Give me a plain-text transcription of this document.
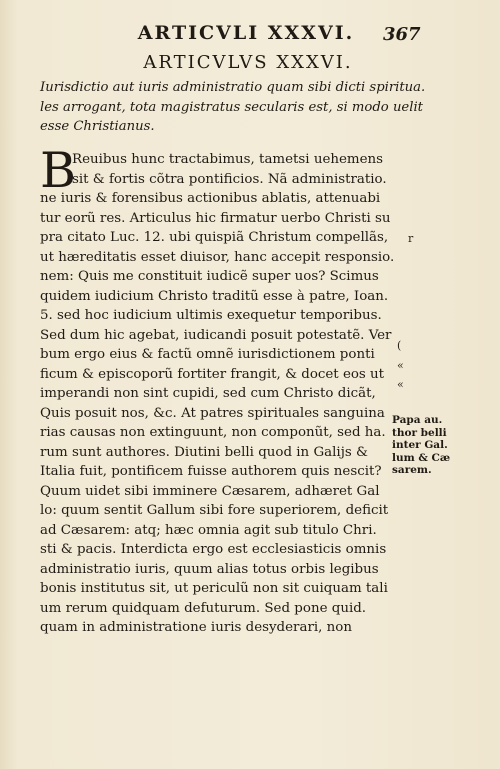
ARTICVLI XXXVI.	367
ARTICVLVS XXXVI.
Iurisdictio aut iuris administratio quam sibi dicti spiritua.
les arrogant, tota magistratus secularis est, si modo uelit
esse Christianus.
B
Reuibus hunc tractabimus, tametsi uehemens
sit & fortis cõtra pontificios. Nã administratio.
ne iuris & forensibus actionibus ablatis, attenuabi
tur eorũ res. Articulus hic firmatur uerbo Christi su
pra citato Luc. 12. ubi quispiã Christum compellãs,
ut hæreditatis esset diuisor, hanc accepit responsio.
nem: Quis me constituit iudicẽ super uos? Scimus
quidem iudicium Christo traditũ esse à patre, Ioan.
5. sed hoc iudicium ultimis exequetur temporibus.
Sed dum hic agebat, iudicandi posuit potestatẽ. Ver
bum ergo eius & factũ omnẽ iurisdictionem ponti
ficum & episcoporũ fortiter frangit, & docet eos ut
imperandi non sint cupidi, sed cum Christo dicãt,
Quis posuit nos, &c. At patres spirituales sanguina
rias causas non extinguunt, non componũt, sed ha.
rum sunt authores. Diutini belli quod in Galijs &
Italia fuit, pontificem fuisse authorem quis nescit?
Quum uidet sibi imminere Cæsarem, adhæret Gal
lo: quum sentit Gallum sibi fore superiorem, deficit
ad Cæsarem: atq; hæc omnia agit sub titulo Chri.
sti & pacis. Interdicta ergo est ecclesiasticis omnis
administratio iuris, quum alias totus orbis legibus
bonis institutus sit, ut periculũ non sit cuiquam tali
um rerum quidquam defuturum. Sed pone quid.
quam in administratione iuris desyderari, non
r
(
«
«
Papa au.
thor belli
inter Gal.
lum & Cæ
sarem.
